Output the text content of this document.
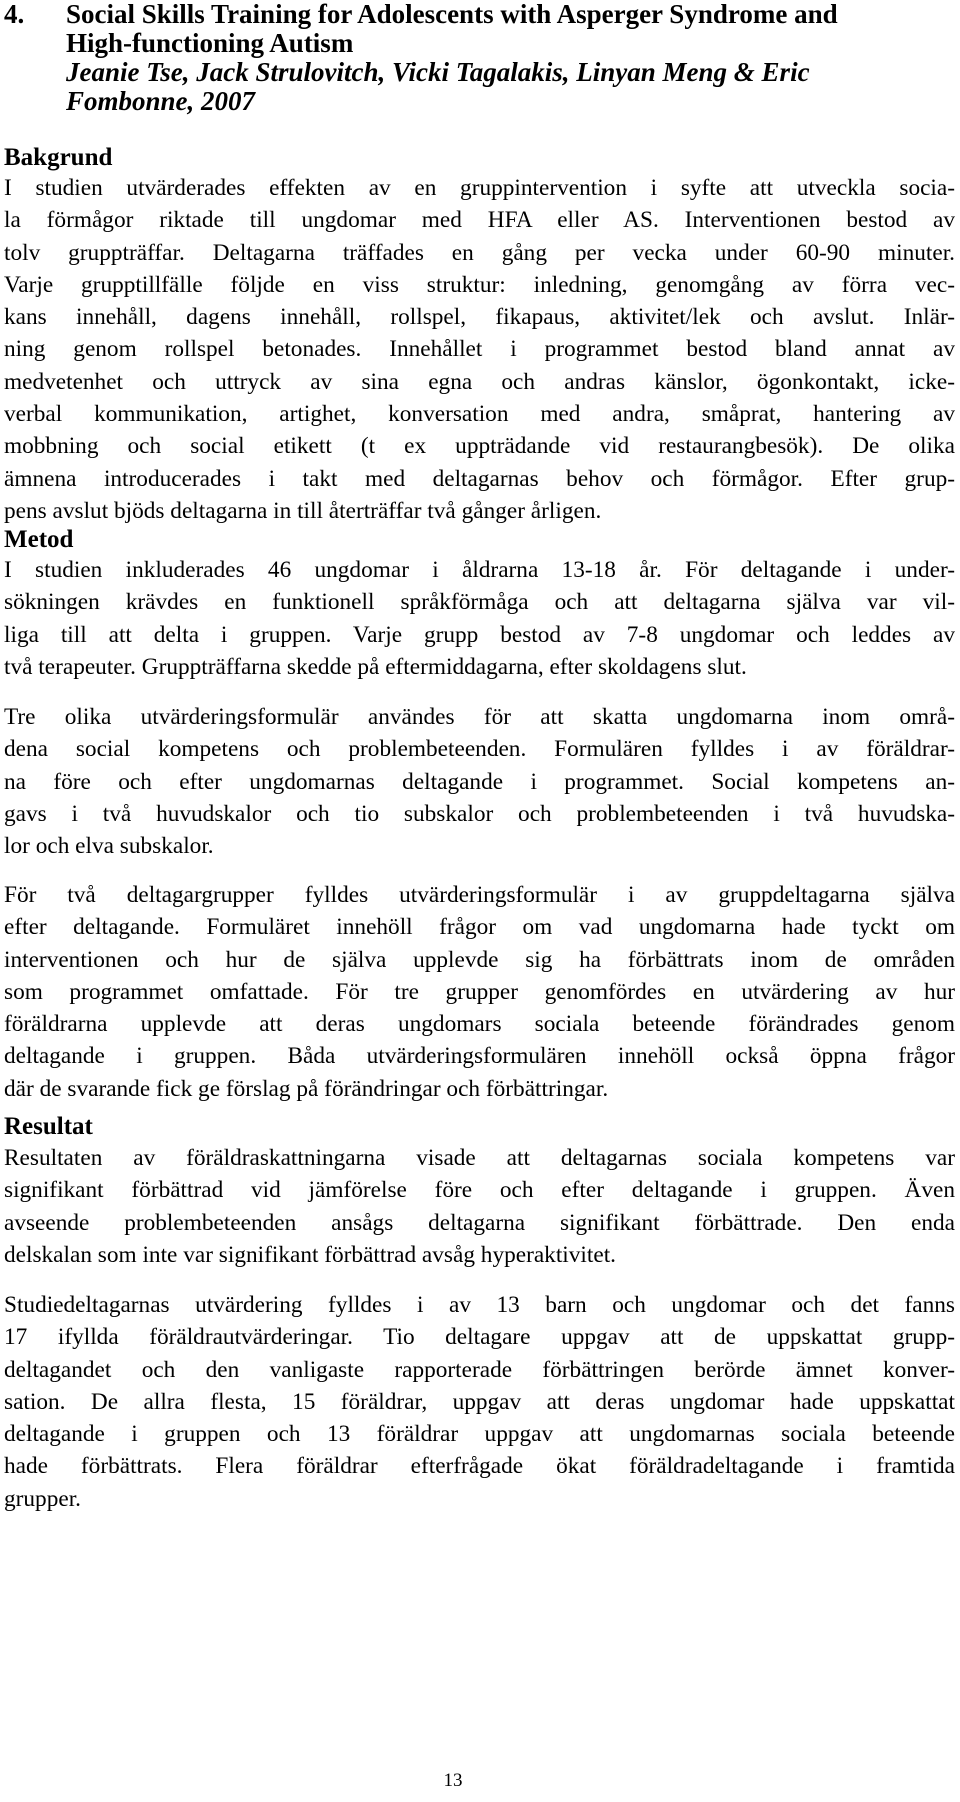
4. Social Skills Training for Adolescents with Asperger Syndrome and
High-functioning Autism
Jeanie Tse, Jack Strulovitch, Vicki Tagalakis, Linyan Meng & Eric
Fombonne, 2007
Bakgrund
I studien utvärderades effekten av en gruppintervention i syfte att utveckla socia-
la förmågor riktade till ungdomar med HFA eller AS. Interventionen bestod av
tolv gruppträffar. Deltagarna träffades en gång per vecka under 60-90 minuter.
Varje grupptillfälle följde en viss struktur: inledning, genomgång av förra vec-
kans innehåll, dagens innehåll, rollspel, fikapaus, aktivitet/lek och avslut. Inlär-
ning genom rollspel betonades. Innehållet i programmet bestod bland annat av
medvetenhet och uttryck av sina egna och andras känslor, ögonkontakt, icke-
verbal kommunikation, artighet, konversation med andra, småprat, hantering av
mobbning och social etikett (t ex uppträdande vid restaurangbesök). De olika
ämnena introducerades i takt med deltagarnas behov och förmågor. Efter grup-
pens avslut bjöds deltagarna in till återträffar två gånger årligen.
Metod
I studien inkluderades 46 ungdomar i åldrarna 13-18 år. För deltagande i under-
sökningen krävdes en funktionell språkförmåga och att deltagarna själva var vil-
liga till att delta i gruppen. Varje grupp bestod av 7-8 ungdomar och leddes av
två terapeuter. Gruppträffarna skedde på eftermiddagarna, efter skoldagens slut.
Tre olika utvärderingsformulär användes för att skatta ungdomarna inom områ-
dena social kompetens och problembeteenden. Formulären fylldes i av föräldrar-
na före och efter ungdomarnas deltagande i programmet. Social kompetens an-
gavs i två huvudskalor och tio subskalor och problembeteenden i två huvudska-
lor och elva subskalor.
För två deltagargrupper fylldes utvärderingsformulär i av gruppdeltagarna själva
efter deltagande. Formuläret innehöll frågor om vad ungdomarna hade tyckt om
interventionen och hur de själva upplevde sig ha förbättrats inom de områden
som programmet omfattade. För tre grupper genomfördes en utvärdering av hur
föräldrarna upplevde att deras ungdomars sociala beteende förändrades genom
deltagande i gruppen. Båda utvärderingsformulären innehöll också öppna frågor
där de svarande fick ge förslag på förändringar och förbättringar.
Resultat
Resultaten av föräldraskattningarna visade att deltagarnas sociala kompetens var
signifikant förbättrad vid jämförelse före och efter deltagande i gruppen. Även
avseende problembeteenden ansågs deltagarna signifikant förbättrade. Den enda
delskalan som inte var signifikant förbättrad avsåg hyperaktivitet.
Studiedeltagarnas utvärdering fylldes i av 13 barn och ungdomar och det fanns
17 ifyllda föräldrautvärderingar. Tio deltagare uppgav att de uppskattat grupp-
deltagandet och den vanligaste rapporterade förbättringen berörde ämnet konver-
sation. De allra flesta, 15 föräldrar, uppgav att deras ungdomar hade uppskattat
deltagande i gruppen och 13 föräldrar uppgav att ungdomarnas sociala beteende
hade förbättrats. Flera föräldrar efterfrågade ökat föräldradeltagande i framtida
grupper.
13
